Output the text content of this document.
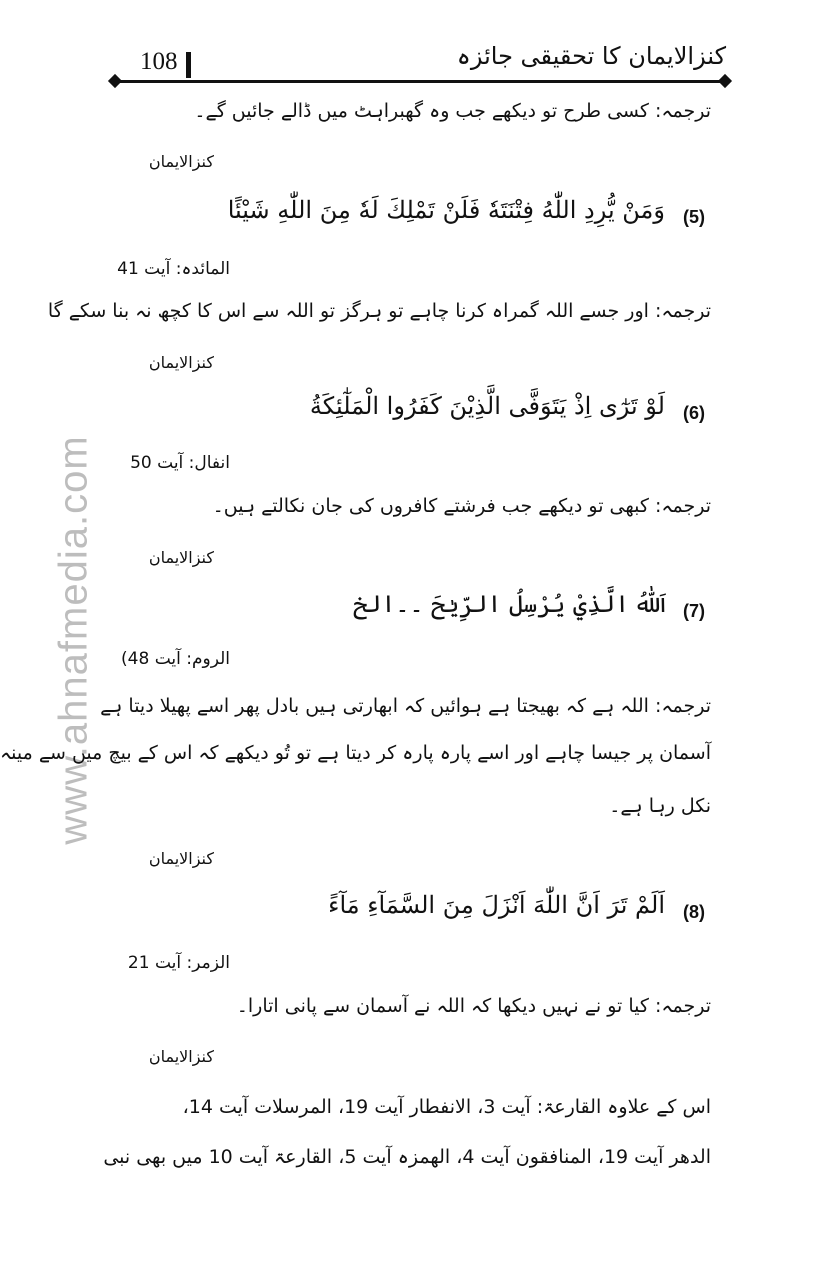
www.ahnafmedia.com
108	کنزالایمان کا تحقیقی جائزہ
ترجمہ: کسی طرح تو دیکھے جب وہ گھبراہٹ میں ڈالے جائیں گے۔
کنزالایمان
(5)
وَمَنْ يُّرِدِ اللّٰهُ فِتْنَتَهٗ فَلَنْ تَمْلِكَ لَهٗ مِنَ اللّٰهِ شَيْئًا
المائدہ: آیت 41
ترجمہ: اور جسے اللہ گمراہ کرنا چاہے تو ہرگز تو اللہ سے اس کا کچھ نہ بنا سکے گا
کنزالایمان
(6)
لَوْ تَرٰٓى اِذْ يَتَوَفَّى الَّذِيْنَ كَفَرُوا الْمَلٰٓئِكَةُ
انفال: آیت 50
ترجمہ: کبھی تو دیکھے جب فرشتے کافروں کی جان نکالتے ہیں۔
کنزالایمان
(7)
اَللّٰهُ الَّذِيْ يُرْسِلُ الرِّيٰحَ ۔۔الخ
الروم: آیت 48)
ترجمہ: اللہ ہے کہ بھیجتا ہے ہوائیں کہ ابھارتی ہیں بادل پھر اسے پھیلا دیتا ہے
آسمان پر جیسا چاہے اور اسے پارہ پارہ کر دیتا ہے تو تُو دیکھے کہ اس کے بیچ میں سے مینہ
نکل رہا ہے۔
کنزالایمان
(8)
اَلَمْ تَرَ اَنَّ اللّٰهَ اَنْزَلَ مِنَ السَّمَآءِ مَآءً
الزمر: آیت 21
ترجمہ: کیا تو نے نہیں دیکھا کہ اللہ نے آسمان سے پانی اتارا۔
کنزالایمان
اس کے علاوہ القارعۃ: آیت 3، الانفطار آیت 19، المرسلات آیت 14،
الدھر آیت 19، المنافقون آیت 4، الھمزہ آیت 5، القارعۃ آیت 10 میں بھی نبی
